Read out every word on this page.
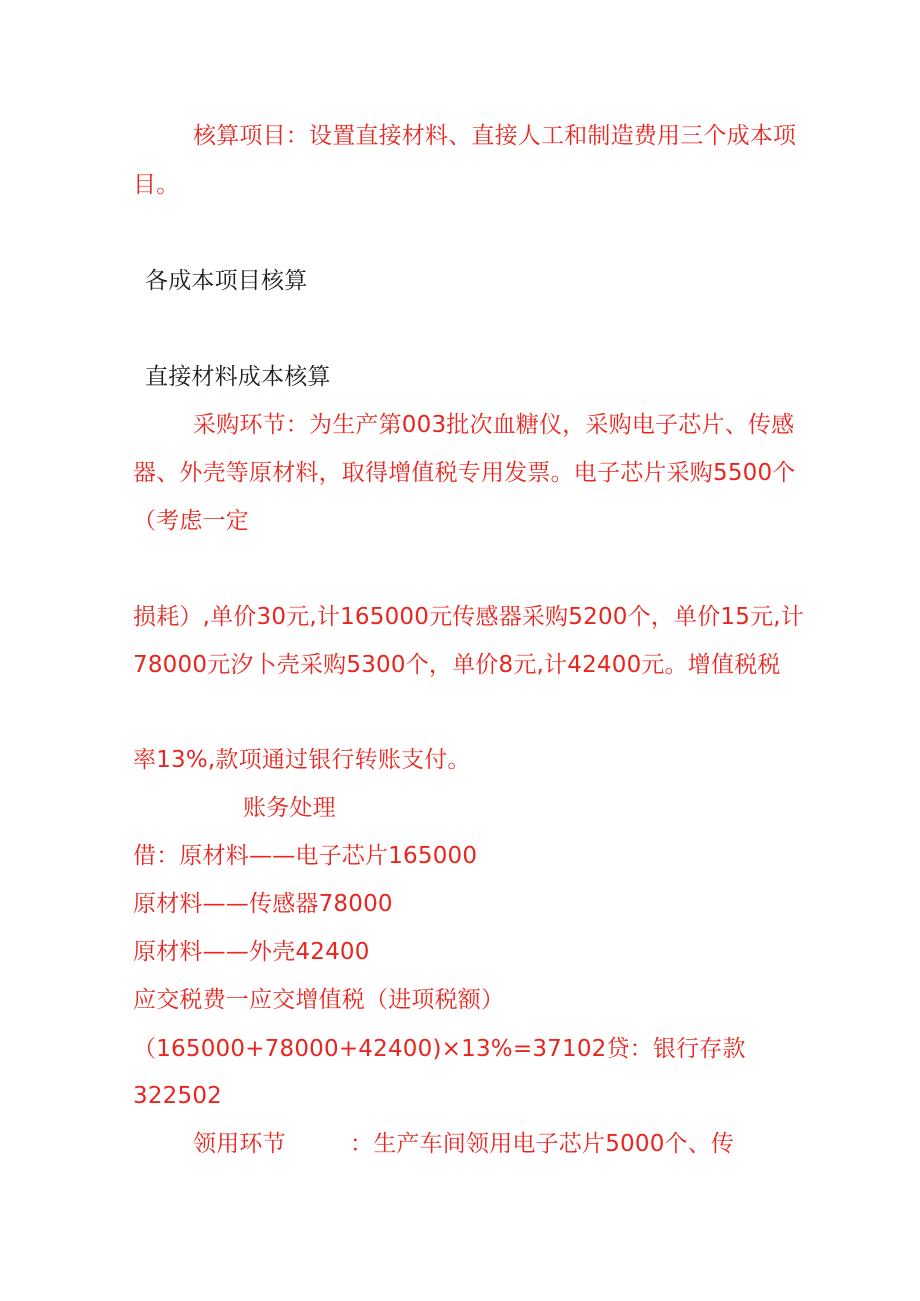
核算项目：设置直接材料、直接人工和制造费用三个成本项
目。
各成本项目核算
直接材料成本核算
采购环节：为生产第003批次血糖仪，采购电子芯片、传感
器、外壳等原材料，取得增值税专用发票。电子芯片采购5500个
（考虑一定
损耗）,单价30元,计165000元传感器采购5200个，单价15元,计
78000元汐卜壳采购5300个，单价8元,计42400元。增值税税
率13%,款项通过银行转账支付。
账务处理
借：原材料——电子芯片165000
原材料——传感器78000
原材料——外壳42400
应交税费一应交增值税（进项税额）
（165000+78000+42400)×13%=37102贷：银行存款
322502
领用环节	：生产车间领用电子芯片5000个、传
